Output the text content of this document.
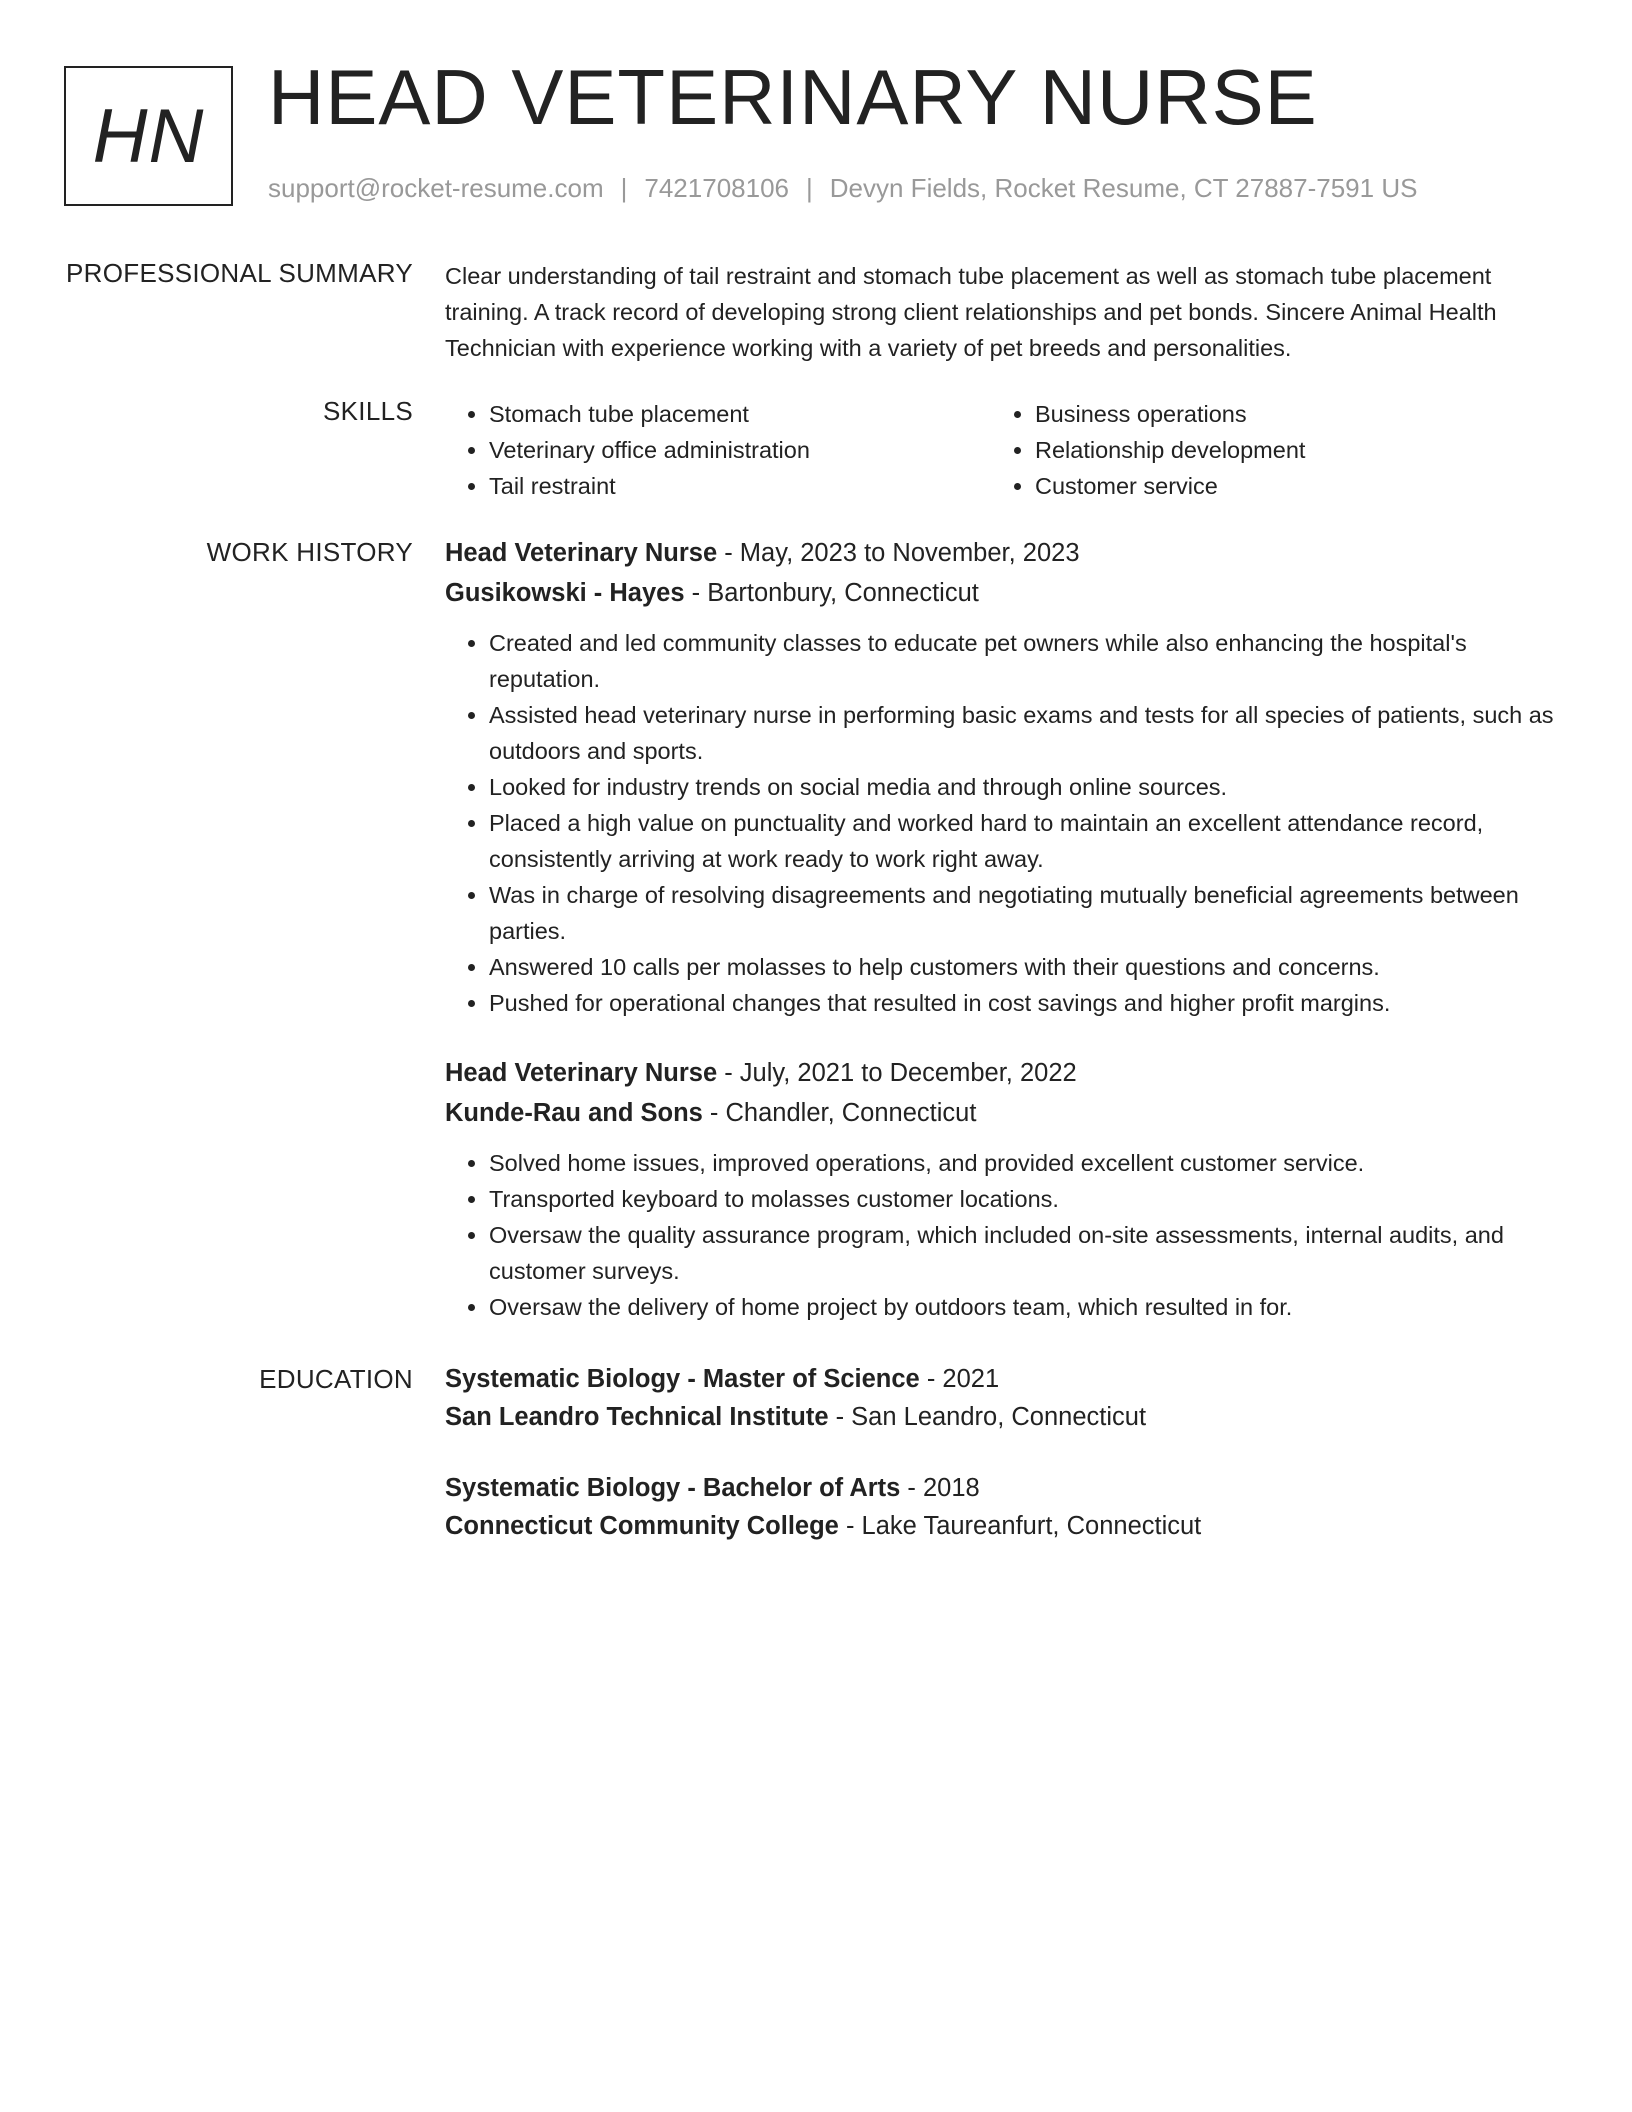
HN HEAD VETERINARY NURSE
support@rocket-resume.com | 7421708106 | Devyn Fields, Rocket Resume, CT 27887-7591 US
PROFESSIONAL SUMMARY Clear understanding of tail restraint and stomach tube placement as well as stomach tube placement training. A track record of developing strong client relationships and pet bonds. Sincere Animal Health Technician with experience working with a variety of pet breeds and personalities.
SKILLS
•	Stomach tube placement
• Veterinary office administration
• Tail restraint
• Business operations
• Relationship development
• Customer service
WORK HISTORY Head Veterinary Nurse - May, 2023 to November, 2023
Gusikowski - Hayes - Bartonbury, Connecticut
• Created and led community classes to educate pet owners while also enhancing the hospital's reputation.
• Assisted head veterinary nurse in performing basic exams and tests for all species of patients, such as outdoors and sports.
• Looked for industry trends on social media and through online sources.
• Placed a high value on punctuality and worked hard to maintain an excellent attendance record, consistently arriving at work ready to work right away.
• Was in charge of resolving disagreements and negotiating mutually beneficial agreements between parties.
• Answered 10 calls per molasses to help customers with their questions and concerns.
• Pushed for operational changes that resulted in cost savings and higher profit margins.
Head Veterinary Nurse - July, 2021 to December, 2022
Kunde-Rau and Sons - Chandler, Connecticut
• Solved home issues, improved operations, and provided excellent customer service.
• Transported keyboard to molasses customer locations.
• Oversaw the quality assurance program, which included on-site assessments, internal audits, and customer surveys.
• Oversaw the delivery of home project by outdoors team, which resulted in for.
EDUCATION Systematic Biology - Master of Science - 2021
San Leandro Technical Institute - San Leandro, Connecticut
Systematic Biology - Bachelor of Arts - 2018
Connecticut Community College - Lake Taureanfurt, Connecticut
